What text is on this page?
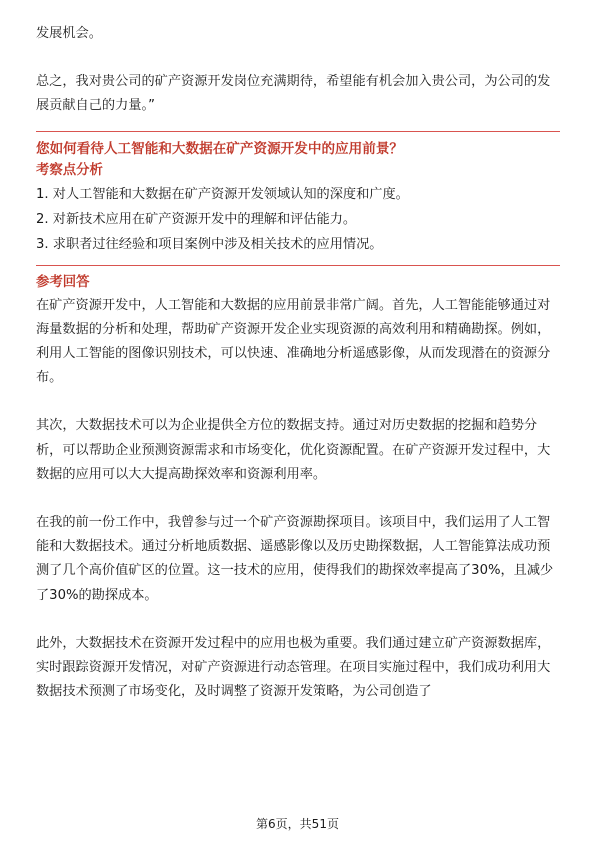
发展机会。

总之，我对贵公司的矿产资源开发岗位充满期待，希望能有机会加入贵公司，为公司的发展贡献自己的力量。”

您如何看待人工智能和大数据在矿产资源开发中的应用前景？

考察点分析

1. 对人工智能和大数据在矿产资源开发领域认知的深度和广度。

2. 对新技术应用在矿产资源开发中的理解和评估能力。

3. 求职者过往经验和项目案例中涉及相关技术的应用情况。

参考回答

在矿产资源开发中，人工智能和大数据的应用前景非常广阔。首先，人工智能能够通过对海量数据的分析和处理，帮助矿产资源开发企业实现资源的高效利用和精确勘探。例如，利用人工智能的图像识别技术，可以快速、准确地分析遥感影像，从而发现潜在的资源分布。

其次，大数据技术可以为企业提供全方位的数据支持。通过对历史数据的挖掘和趋势分析，可以帮助企业预测资源需求和市场变化，优化资源配置。在矿产资源开发过程中，大数据的应用可以大大提高勘探效率和资源利用率。

在我的前一份工作中，我曾参与过一个矿产资源勘探项目。该项目中，我们运用了人工智能和大数据技术。通过分析地质数据、遥感影像以及历史勘探数据，人工智能算法成功预测了几个高价值矿区的位置。这一技术的应用，使得我们的勘探效率提高了30%，且减少了30%的勘探成本。

此外，大数据技术在资源开发过程中的应用也极为重要。我们通过建立矿产资源数据库，实时跟踪资源开发情况，对矿产资源进行动态管理。在项目实施过程中，我们成功利用大数据技术预测了市场变化，及时调整了资源开发策略，为公司创造了

第6页，共51页
